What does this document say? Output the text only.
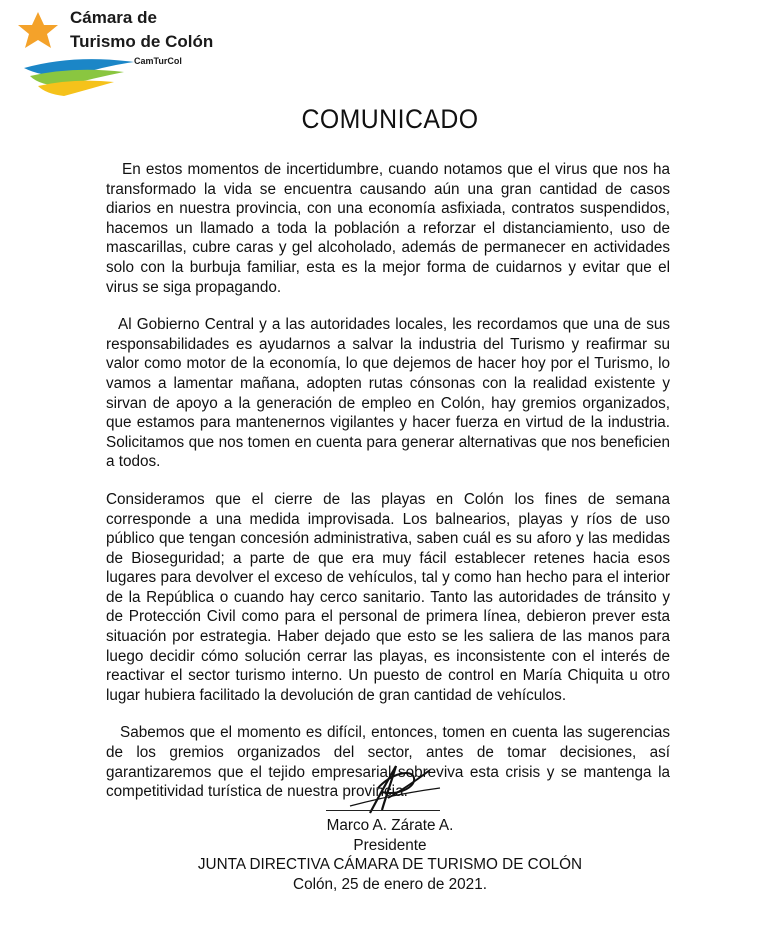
Cámara de
Turismo de Colón
CamTurCol
COMUNICADO

En estos momentos de incertidumbre, cuando notamos que el virus que nos ha transformado la vida se encuentra causando aún una gran cantidad de casos diarios en nuestra provincia, con una economía asfixiada, contratos suspendidos, hacemos un llamado a toda la población a reforzar el distanciamiento, uso de mascarillas, cubre caras y gel alcoholado, además de permanecer en actividades solo con la burbuja familiar, esta es la mejor forma de cuidarnos y evitar que el virus se siga propagando.

Al Gobierno Central y a las autoridades locales, les recordamos que una de sus responsabilidades es ayudarnos a salvar la industria del Turismo y reafirmar su valor como motor de la economía, lo que dejemos de hacer hoy por el Turismo, lo vamos a lamentar mañana, adopten rutas cónsonas con la realidad existente y sirvan de apoyo a la generación de empleo en Colón, hay gremios organizados, que estamos para mantenernos vigilantes y hacer fuerza en virtud de la industria. Solicitamos que nos tomen en cuenta para generar alternativas que nos beneficien a todos.

Consideramos que el cierre de las playas en Colón los fines de semana corresponde a una medida improvisada. Los balnearios, playas y ríos de uso público que tengan concesión administrativa, saben cuál es su aforo y las medidas de Bioseguridad; a parte de que era muy fácil establecer retenes hacia esos lugares para devolver el exceso de vehículos, tal y como han hecho para el interior de la República o cuando hay cerco sanitario. Tanto las autoridades de tránsito y de Protección Civil como para el personal de primera línea, debieron prever esta situación por estrategia. Haber dejado que esto se les saliera de las manos para luego decidir cómo solución cerrar las playas, es inconsistente con el interés de reactivar el sector turismo interno. Un puesto de control en María Chiquita u otro lugar hubiera facilitado la devolución de gran cantidad de vehículos.

Sabemos que el momento es difícil, entonces, tomen en cuenta las sugerencias de los gremios organizados del sector, antes de tomar decisiones, así garantizaremos que el tejido empresarial sobreviva esta crisis y se mantenga la competitividad turística de nuestra provincia.

Marco A. Zárate A.
Presidente
JUNTA DIRECTIVA CÁMARA DE TURISMO DE COLÓN
Colón, 25 de enero de 2021.
